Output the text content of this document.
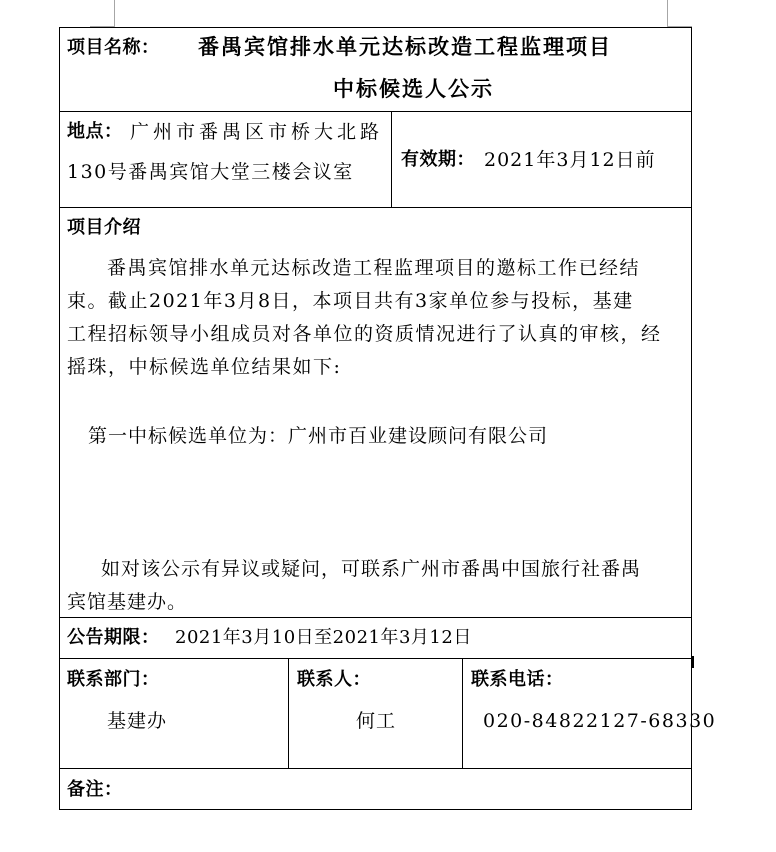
项目名称： 番禺宾馆排水单元达标改造工程监理项目
中标候选人公示
地点： 广州市番禺区市桥大北路
130号番禺宾馆大堂三楼会议室
有效期： 2021年3月12日前
项目介绍
番禺宾馆排水单元达标改造工程监理项目的邀标工作已经结
束。截止2021年3月8日，本项目共有3家单位参与投标，基建
工程招标领导小组成员对各单位的资质情况进行了认真的审核，经
摇珠，中标候选单位结果如下:
第一中标候选单位为：广州市百业建设顾问有限公司
如对该公示有异议或疑问，可联系广州市番禺中国旅行社番禺
宾馆基建办。
公告期限： 2021年3月10日至2021年3月12日
联系部门：
基建办
联系人：
何工
联系电话：
020-84822127-68330
备注：
